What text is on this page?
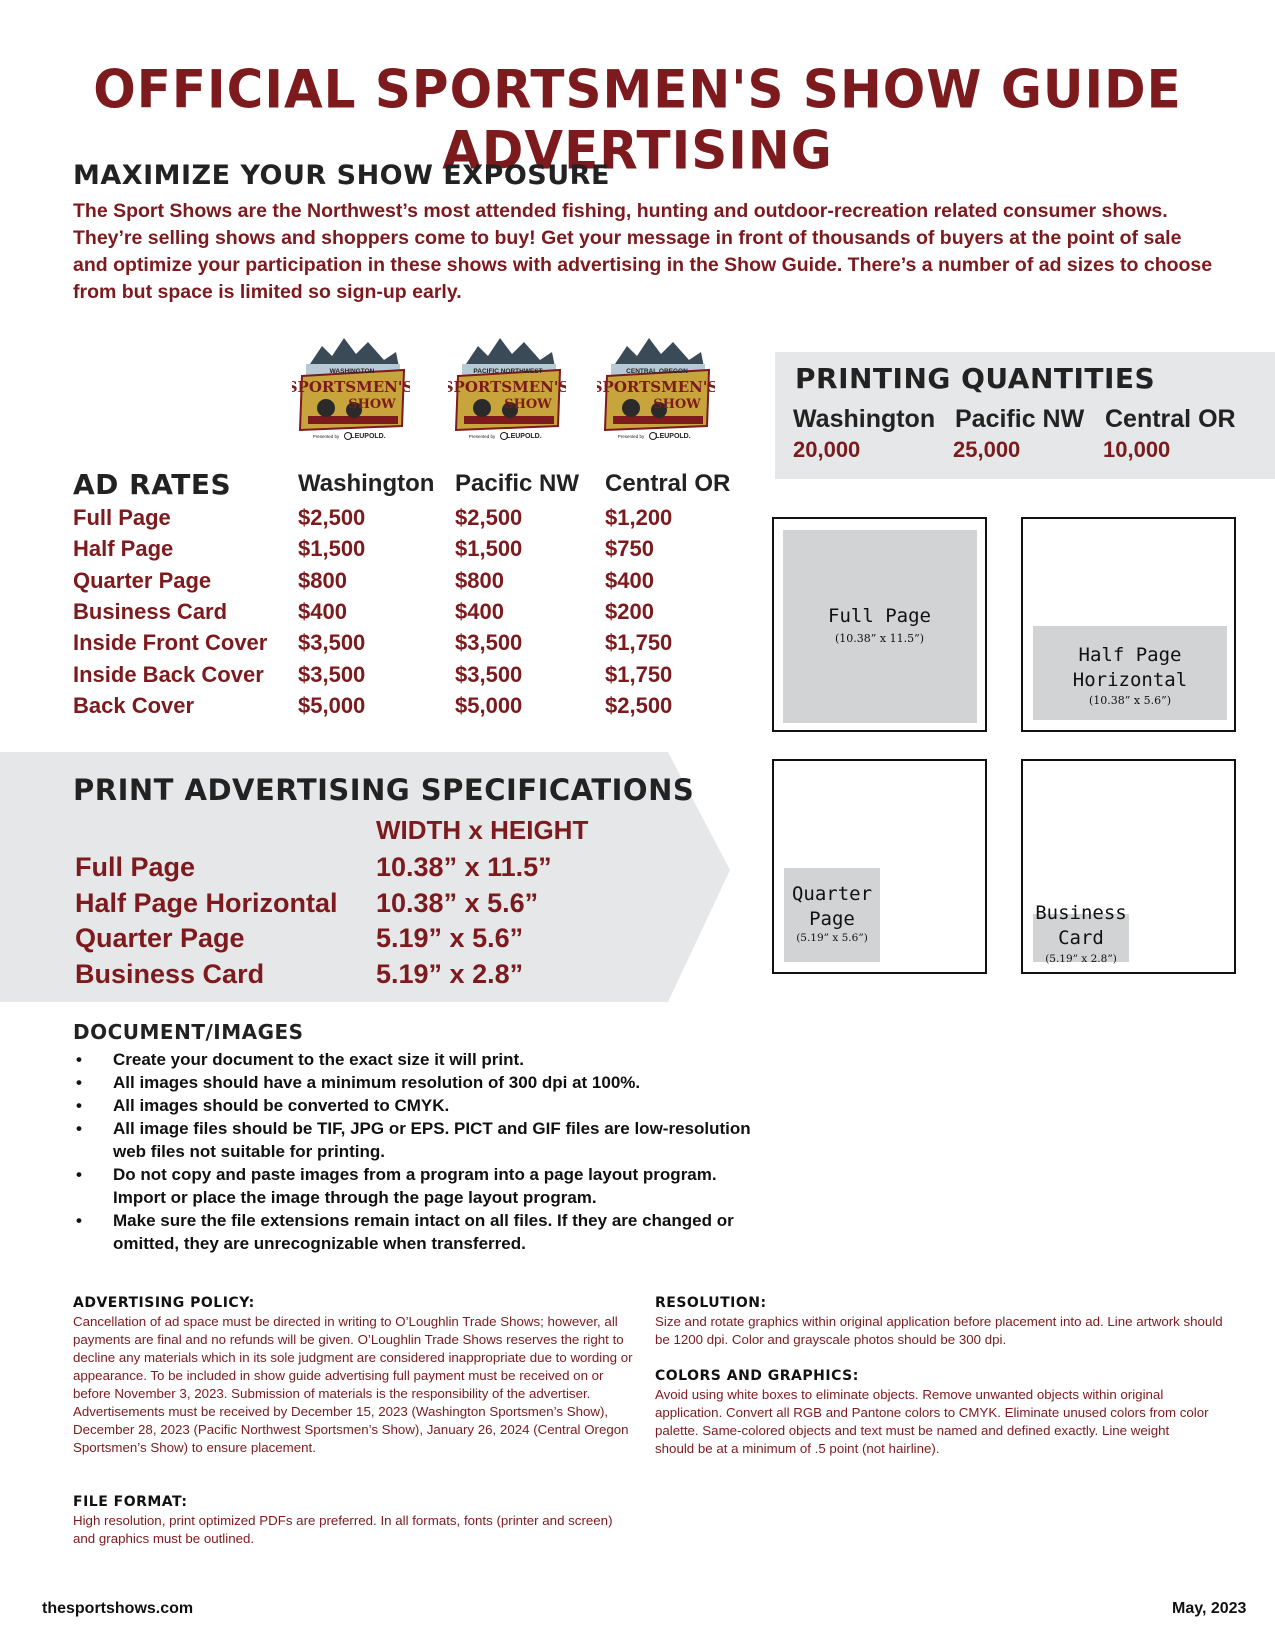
OFFICIAL SPORTSMEN'S SHOW GUIDE ADVERTISING
MAXIMIZE YOUR SHOW EXPOSURE
The Sport Shows are the Northwest’s most attended fishing, hunting and outdoor-recreation related consumer shows. They’re selling shows and shoppers come to buy! Get your message in front of thousands of buyers at the point of sale and optimize your participation in these shows with advertising in the Show Guide. There’s a number of ad sizes to choose from but space is limited so sign-up early.
WASHINGTON
SPORTSMEN'S
SHOW
Presented by LEUPOLD.
PACIFIC NORTHWEST
SPORTSMEN'S
SHOW
Presented by LEUPOLD.
CENTRAL OREGON
SPORTSMEN'S
SHOW
Presented by LEUPOLD.
AD RATES	Washington Pacific NW Central OR
Full Page	$2,500	$2,500	$1,200
Half Page	$1,500	$1,500	$750
Quarter Page	$800	$800	$400
Business Card	$400	$400	$200
Inside Front Cover $3,500	$3,500	$1,750
Inside Back Cover $3,500	$3,500	$1,750
Back Cover	$5,000	$5,000	$2,500
PRINTING QUANTITIES
Washington Pacific NW Central OR
20,000	25,000	10,000
Full Page
(10.38” x 11.5”)
Half Page
Horizontal
(10.38” x 5.6”)
Quarter
Page
(5.19” x 5.6”)
Business
Card
(5.19” x 2.8”)
PRINT ADVERTISING SPECIFICATIONS
WIDTH x HEIGHT
Full Page	10.38” x 11.5”
Half Page Horizontal 10.38” x 5.6”
Quarter Page	5.19” x 5.6”
Business Card	5.19” x 2.8”
DOCUMENT/IMAGES
• Create your document to the exact size it will print.
• All images should have a minimum resolution of 300 dpi at 100%.
• All images should be converted to CMYK.
• All image files should be TIF, JPG or EPS. PICT and GIF files are low-resolution web files not suitable for printing.
• Do not copy and paste images from a program into a page layout program. Import or place the image through the page layout program.
• Make sure the file extensions remain intact on all files. If they are changed or omitted, they are unrecognizable when transferred.
ADVERTISING POLICY:
Cancellation of ad space must be directed in writing to O’Loughlin Trade Shows; however, all payments are final and no refunds will be given. O’Loughlin Trade Shows reserves the right to decline any materials which in its sole judgment are considered inappropriate due to wording or appearance. To be included in show guide advertising full payment must be received on or before November 3, 2023. Submission of materials is the responsibility of the advertiser. Advertisements must be received by December 15, 2023 (Washington Sportsmen’s Show), December 28, 2023 (Pacific Northwest Sportsmen’s Show), January 26, 2024 (Central Oregon Sportsmen’s Show) to ensure placement.
FILE FORMAT:
High resolution, print optimized PDFs are preferred. In all formats, fonts (printer and screen) and graphics must be outlined.
RESOLUTION:
Size and rotate graphics within original application before placement into ad. Line artwork should be 1200 dpi. Color and grayscale photos should be 300 dpi.
COLORS AND GRAPHICS:
Avoid using white boxes to eliminate objects. Remove unwanted objects within original application. Convert all RGB and Pantone colors to CMYK. Eliminate unused colors from color palette. Same-colored objects and text must be named and defined exactly. Line weight should be at a minimum of .5 point (not hairline).
thesportshows.com	May, 2023
